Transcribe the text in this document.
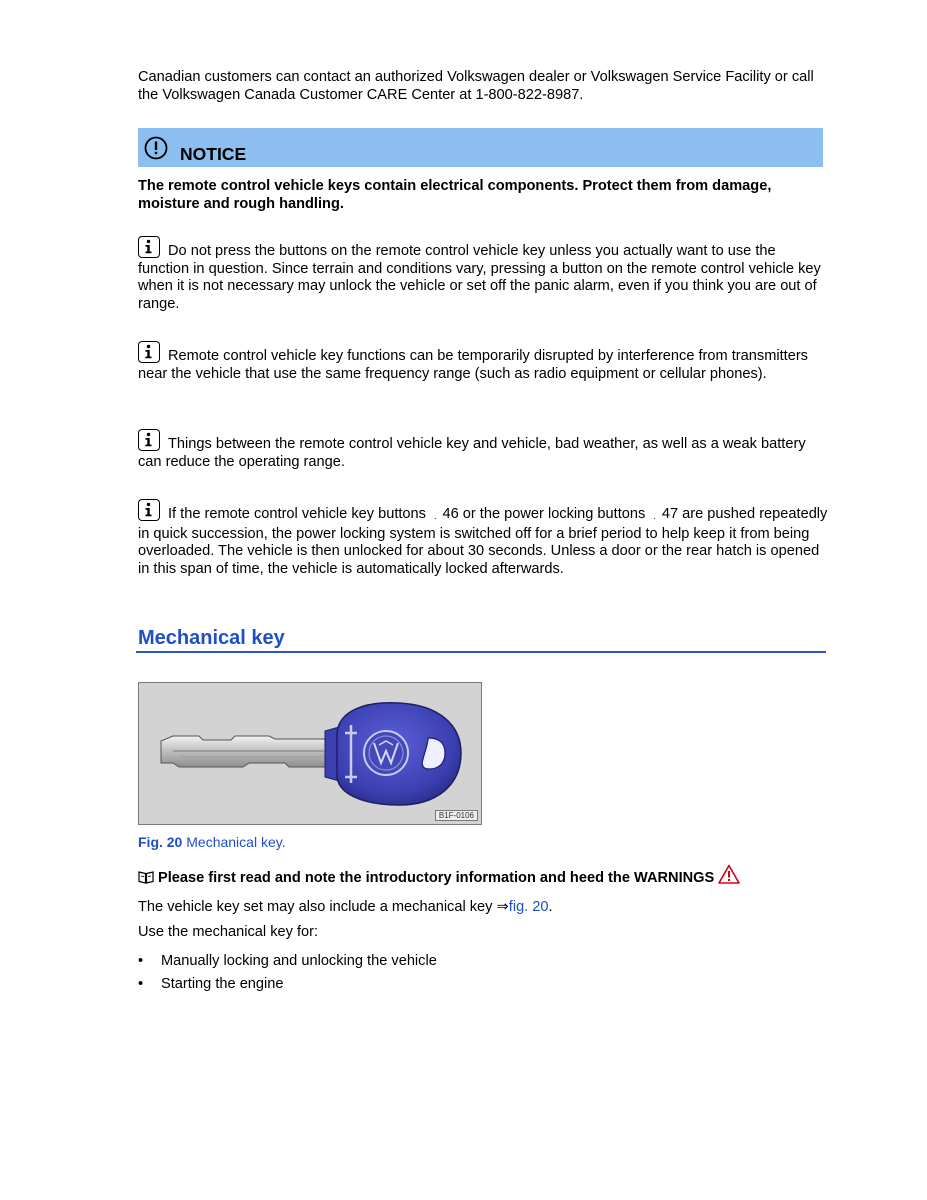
Canadian customers can contact an authorized Volkswagen dealer or Volkswagen Service Facility or call the Volkswagen Canada Customer CARE Center at 1-800-822-8987.

NOTICE

The remote control vehicle keys contain electrical components. Protect them from damage, moisture and rough handling.

Do not press the buttons on the remote control vehicle key unless you actually want to use the function in question. Since terrain and conditions vary, pressing a button on the remote control vehicle key when it is not necessary may unlock the vehicle or set off the panic alarm, even if you think you are out of range.

Remote control vehicle key functions can be temporarily disrupted by interference from transmitters near the vehicle that use the same frequency range (such as radio equipment or cellular phones).

Things between the remote control vehicle key and vehicle, bad weather, as well as a weak battery can reduce the operating range.

If the remote control vehicle key buttons . 46 or the power locking buttons . 47 are pushed repeatedly in quick succession, the power locking system is switched off for a brief period to help keep it from being overloaded. The vehicle is then unlocked for about 30 seconds. Unless a door or the rear hatch is opened in this span of time, the vehicle is automatically locked afterwards.

Mechanical key
B1F-0106
Fig. 20 Mechanical key.

Please first read and note the introductory information and heed the WARNINGS

The vehicle key set may also include a mechanical key ⇒fig. 20.

Use the mechanical key for:

• Manually locking and unlocking the vehicle
• Starting the engine
